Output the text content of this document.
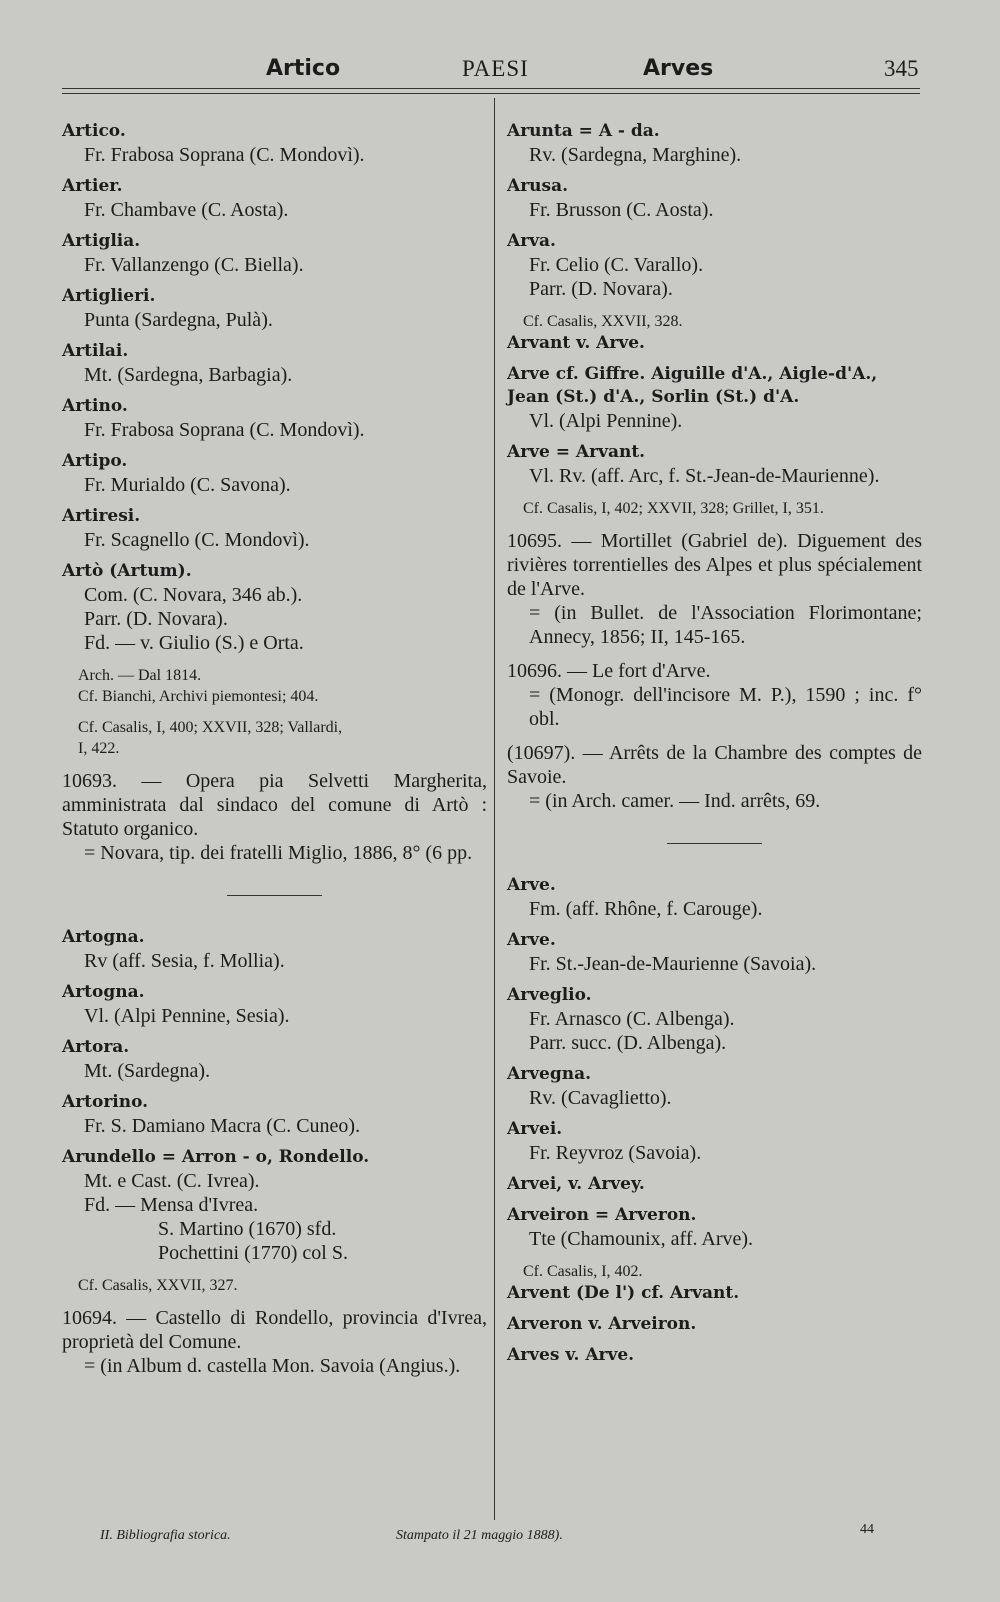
Artico	PAESI	Arves	345
Artico.
Fr. Frabosa Soprana (C. Mondovì).
Artier.
Fr. Chambave (C. Aosta).
Artiglia.
Fr. Vallanzengo (C. Biella).
Artiglieri.
Punta (Sardegna, Pulà).
Artilai.
Mt. (Sardegna, Barbagia).
Artino.
Fr. Frabosa Soprana (C. Mondovì).
Artipo.
Fr. Murialdo (C. Savona).
Artiresi.
Fr. Scagnello (C. Mondovì).
Artò (Artum).
Com. (C. Novara, 346 ab.).
Parr. (D. Novara).
Fd. — v. Giulio (S.) e Orta.
Arch. — Dal 1814.
Cf. Bianchi, Archivi piemontesi; 404.
Cf. Casalis, I, 400; XXVII, 328; Vallardi,
I, 422.
10693. — Opera pia Selvetti Margherita, amministrata dal sindaco del comune di Artò : Statuto organico.
= Novara, tip. dei fratelli Miglio, 1886, 8° (6 pp.
Artogna.
Rv (aff. Sesia, f. Mollia).
Artogna.
Vl. (Alpi Pennine, Sesia).
Artora.
Mt. (Sardegna).
Artorino.
Fr. S. Damiano Macra (C. Cuneo).
Arundello = Arron - o, Rondello.
Mt. e Cast. (C. Ivrea).
Fd. — Mensa d'Ivrea.
S. Martino (1670) sfd.
Pochettini (1770) col S.
Cf. Casalis, XXVII, 327.
10694. — Castello di Rondello, provincia d'Ivrea, proprietà del Comune.
= (in Album d. castella Mon. Savoia (Angius.).
Arunta = A - da.
Rv. (Sardegna, Marghine).
Arusa.
Fr. Brusson (C. Aosta).
Arva.
Fr. Celio (C. Varallo).
Parr. (D. Novara).
Cf. Casalis, XXVII, 328.
Arvant v. Arve.
Arve cf. Giffre. Aiguille d'A., Aigle-d'A., Jean (St.) d'A., Sorlin (St.) d'A.
Vl. (Alpi Pennine).
Arve = Arvant.
Vl. Rv. (aff. Arc, f. St.-Jean-de-Maurienne).
Cf. Casalis, I, 402; XXVII, 328; Grillet, I, 351.
10695. — Mortillet (Gabriel de). Diguement des rivières torrentielles des Alpes et plus spécialement de l'Arve.
= (in Bullet. de l'Association Florimontane; Annecy, 1856; II, 145-165.
10696. — Le fort d'Arve.
= (Monogr. dell'incisore M. P.), 1590 ; inc. f° obl.
(10697). — Arrêts de la Chambre des comptes de Savoie.
= (in Arch. camer. — Ind. arrêts, 69.
Arve.
Fm. (aff. Rhône, f. Carouge).
Arve.
Fr. St.-Jean-de-Maurienne (Savoia).
Arveglio.
Fr. Arnasco (C. Albenga).
Parr. succ. (D. Albenga).
Arvegna.
Rv. (Cavaglietto).
Arvei.
Fr. Reyvroz (Savoia).
Arvei, v. Arvey.
Arveiron = Arveron.
Tte (Chamounix, aff. Arve).
Cf. Casalis, I, 402.
Arvent (De l') cf. Arvant.
Arveron v. Arveiron.
Arves v. Arve.
II. Bibliografia storica.	Stampato il 21 maggio 1888).	44
